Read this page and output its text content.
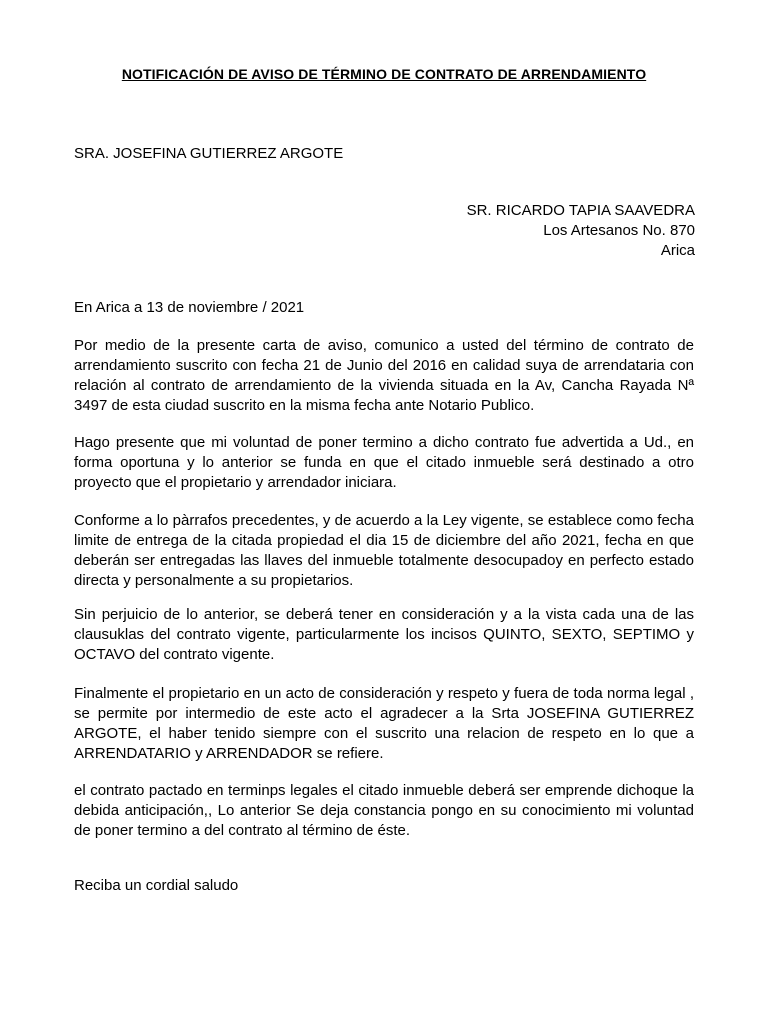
NOTIFICACIÓN DE AVISO DE TÉRMINO DE CONTRATO DE ARRENDAMIENTO
SRA. JOSEFINA GUTIERREZ ARGOTE
SR. RICARDO TAPIA SAAVEDRA
Los Artesanos No. 870
Arica
En Arica a 13 de noviembre / 2021
Por medio de la presente carta de aviso, comunico a usted del término de contrato de arrendamiento suscrito con fecha 21 de Junio del 2016 en calidad suya de arrendataria con relación al contrato de arrendamiento de la vivienda situada en la Av, Cancha Rayada Nª 3497 de esta ciudad suscrito en la misma fecha ante Notario Publico.
Hago presente que mi voluntad de poner termino a dicho contrato fue advertida a Ud., en forma oportuna y lo anterior se funda en que el citado inmueble será destinado a otro proyecto que el propietario y arrendador iniciara.
Conforme a lo pàrrafos precedentes, y de acuerdo a la Ley vigente, se establece como fecha limite de entrega de la citada propiedad el dia 15 de diciembre del año 2021, fecha en que deberán ser entregadas las llaves del inmueble totalmente desocupadoy en perfecto estado directa y personalmente a su propietarios.
Sin perjuicio de lo anterior, se deberá tener en consideración y a la vista cada una de las clausuklas del contrato vigente, particularmente los incisos QUINTO, SEXTO, SEPTIMO y OCTAVO del contrato vigente.
Finalmente el propietario en un acto de consideración y respeto y fuera de toda norma legal , se permite por intermedio de este acto el agradecer a la Srta JOSEFINA GUTIERREZ ARGOTE, el haber tenido siempre con el suscrito una relacion de respeto en lo que a ARRENDATARIO y ARRENDADOR se refiere.
el contrato pactado en terminps legales el citado inmueble deberá ser emprende dichoque la debida anticipación,, Lo anterior Se deja constancia pongo en su conocimiento mi voluntad de poner termino a del contrato al término de éste.
Reciba un cordial saludo
